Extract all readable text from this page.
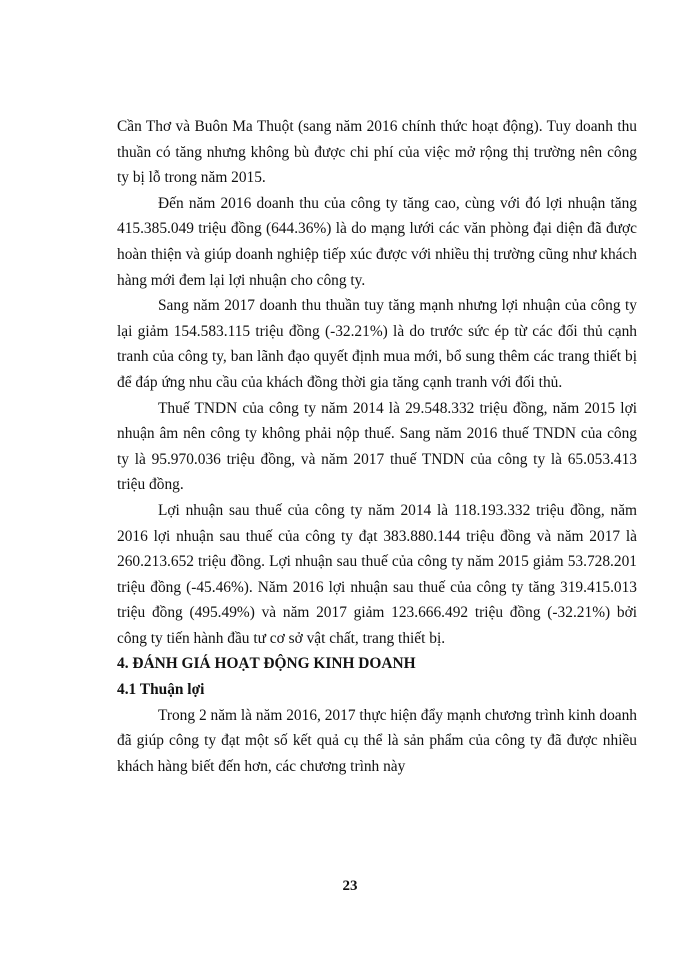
Cần Thơ và Buôn Ma Thuột (sang năm 2016 chính thức hoạt động). Tuy doanh thu thuần có tăng nhưng không bù được chi phí của việc mở rộng thị trường nên công ty bị lỗ trong năm 2015.

Đến năm 2016 doanh thu của công ty tăng cao, cùng với đó lợi nhuận tăng 415.385.049 triệu đồng (644.36%) là do mạng lưới các văn phòng đại diện đã được hoàn thiện và giúp doanh nghiệp tiếp xúc được với nhiều thị trường cũng như khách hàng mới đem lại lợi nhuận cho công ty.

Sang năm 2017 doanh thu thuần tuy tăng mạnh nhưng lợi nhuận của công ty lại giảm 154.583.115 triệu đồng (-32.21%) là do trước sức ép từ các đối thủ cạnh tranh của công ty, ban lãnh đạo quyết định mua mới, bổ sung thêm các trang thiết bị để đáp ứng nhu cầu của khách đồng thời gia tăng cạnh tranh với đối thủ.

Thuế TNDN của công ty năm 2014 là 29.548.332 triệu đồng, năm 2015 lợi nhuận âm nên công ty không phải nộp thuế. Sang năm 2016 thuế TNDN của công ty là 95.970.036 triệu đồng, và năm 2017 thuế TNDN của công ty là 65.053.413 triệu đồng.

Lợi nhuận sau thuế của công ty năm 2014 là 118.193.332 triệu đồng, năm 2016 lợi nhuận sau thuế của công ty đạt 383.880.144 triệu đồng và năm 2017 là 260.213.652 triệu đồng. Lợi nhuận sau thuế của công ty năm 2015 giảm 53.728.201 triệu đồng (-45.46%). Năm 2016 lợi nhuận sau thuế của công ty tăng 319.415.013 triệu đồng (495.49%) và năm 2017 giảm 123.666.492 triệu đồng (-32.21%) bởi công ty tiến hành đầu tư cơ sở vật chất, trang thiết bị.

4. ĐÁNH GIÁ HOẠT ĐỘNG KINH DOANH

4.1 Thuận lợi

Trong 2 năm là năm 2016, 2017 thực hiện đẩy mạnh chương trình kinh doanh đã giúp công ty đạt một số kết quả cụ thể là sản phẩm của công ty đã được nhiều khách hàng biết đến hơn, các chương trình này

23
